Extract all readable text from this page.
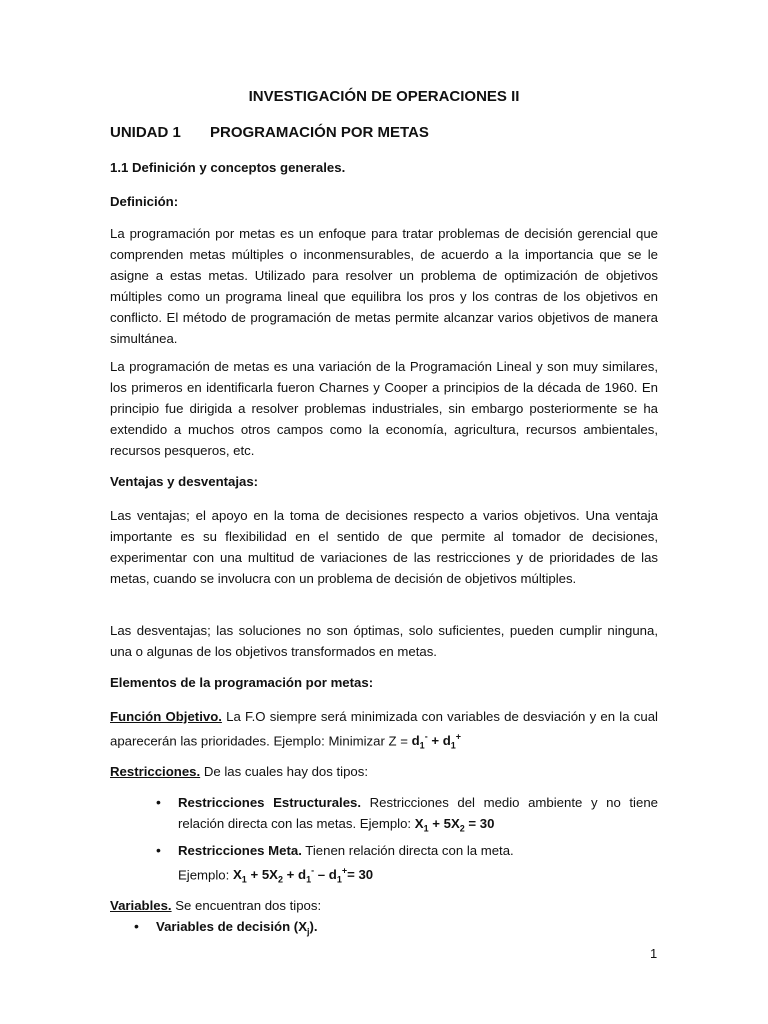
INVESTIGACIÓN DE OPERACIONES II
UNIDAD 1 PROGRAMACIÓN POR METAS

1.1 Definición y conceptos generales.

Definición:

La programación por metas es un enfoque para tratar problemas de decisión gerencial que comprenden metas múltiples o inconmensurables, de acuerdo a la importancia que se le asigne a estas metas. Utilizado para resolver un problema de optimización de objetivos múltiples como un programa lineal que equilibra los pros y los contras de los objetivos en conflicto. El método de programación de metas permite alcanzar varios objetivos de manera simultánea.

La programación de metas es una variación de la Programación Lineal y son muy similares, los primeros en identificarla fueron Charnes y Cooper a principios de la década de 1960. En principio fue dirigida a resolver problemas industriales, sin embargo posteriormente se ha extendido a muchos otros campos como la economía, agricultura, recursos ambientales, recursos pesqueros, etc.

Ventajas y desventajas:

Las ventajas; el apoyo en la toma de decisiones respecto a varios objetivos. Una ventaja importante es su flexibilidad en el sentido de que permite al tomador de decisiones, experimentar con una multitud de variaciones de las restricciones y de prioridades de las metas, cuando se involucra con un problema de decisión de objetivos múltiples.

Las desventajas; las soluciones no son óptimas, solo suficientes, pueden cumplir ninguna, una o algunas de los objetivos transformados en metas.

Elementos de la programación por metas:

Función Objetivo. La F.O siempre será minimizada con variables de desviación y en la cual aparecerán las prioridades. Ejemplo: Minimizar $Z = d_1^- + d_1^+$

Restricciones. De las cuales hay dos tipos:

• Restricciones Estructurales. Restricciones del medio ambiente y no tiene relación directa con las metas. Ejemplo: $X_1 + 5X_2 = 30$
• Restricciones Meta. Tienen relación directa con la meta.
Ejemplo: $X_1 + 5X_2 + d_1^- - d_1^+= 30$

Variables. Se encuentran dos tipos:

• Variables de decisión $(X_j)$.

1
